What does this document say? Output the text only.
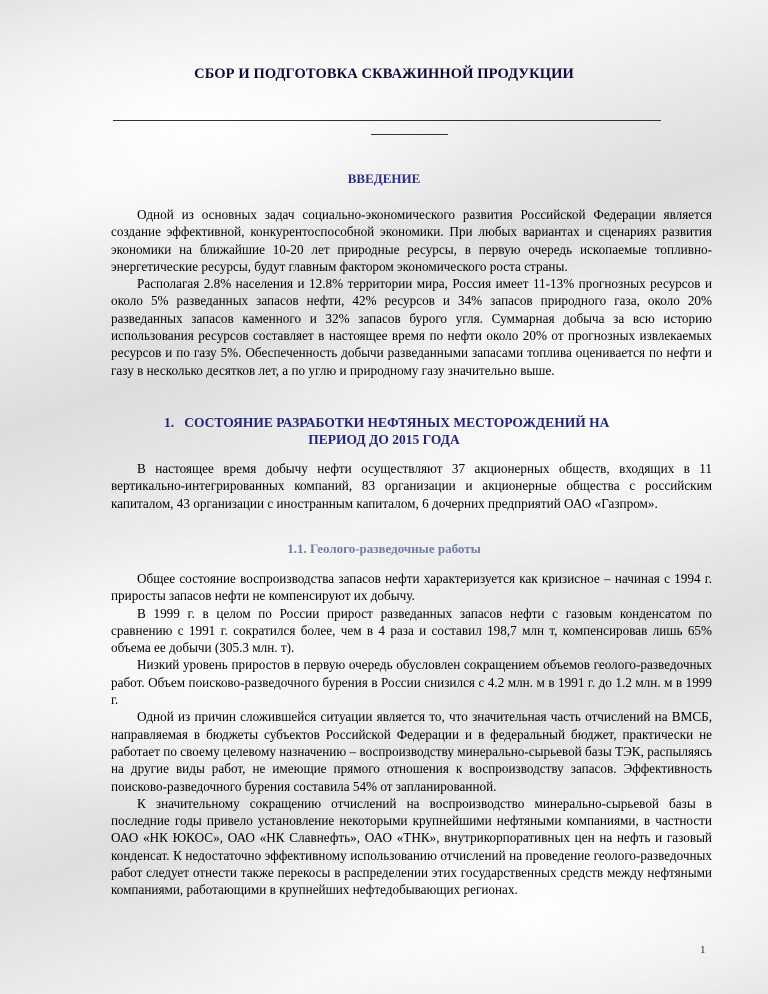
СБОР И ПОДГОТОВКА СКВАЖИННОЙ ПРОДУКЦИИ
ВВЕДЕНИЕ

Одной из основных задач социально-экономического развития Российской Федерации является создание эффективной, конкурентоспособной экономики. При любых вариантах и сценариях развития экономики на ближайшие 10-20 лет природные ресурсы, в первую очередь ископаемые топливно-энергетические ресурсы, будут главным фактором экономического роста страны.

Располагая 2.8% населения и 12.8% территории мира, Россия имеет 11-13% прогнозных ресурсов и около 5% разведанных запасов нефти, 42% ресурсов и 34% запасов природного газа, около 20% разведанных запасов каменного и 32% запасов бурого угля. Суммарная добыча за всю историю использования ресурсов составляет в настоящее время по нефти около 20% от прогнозных извлекаемых ресурсов и по газу 5%. Обеспеченность добычи разведанными запасами топлива оценивается по нефти и газу в несколько десятков лет, а по углю и природному газу значительно выше.

1. СОСТОЯНИЕ РАЗРАБОТКИ НЕФТЯНЫХ МЕСТОРОЖДЕНИЙ НА
ПЕРИОД ДО 2015 ГОДА

В настоящее время добычу нефти осуществляют 37 акционерных обществ, входящих в 11 вертикально-интегрированных компаний, 83 организации и акционерные общества с российским капиталом, 43 организации с иностранным капиталом, 6 дочерних предприятий ОАО «Газпром».

1.1. Геолого-разведочные работы

Общее состояние воспроизводства запасов нефти характеризуется как кризисное – начиная с 1994 г. приросты запасов нефти не компенсируют их добычу.

В 1999 г. в целом по России прирост разведанных запасов нефти с газовым конденсатом по сравнению с 1991 г. сократился более, чем в 4 раза и составил 198,7 млн т, компенсировав лишь 65% объема ее добычи (305.3 млн. т).

Низкий уровень приростов в первую очередь обусловлен сокращением объемов геолого-разведочных работ. Объем поисково-разведочного бурения в России снизился с 4.2 млн. м в 1991 г. до 1.2 млн. м в 1999 г.

Одной из причин сложившейся ситуации является то, что значительная часть отчислений на ВМСБ, направляемая в бюджеты субъектов Российской Федерации и в федеральный бюджет, практически не работает по своему целевому назначению – воспроизводству минерально-сырьевой базы ТЭК, распыляясь на другие виды работ, не имеющие прямого отношения к воспроизводству запасов. Эффективность поисково-разведочного бурения составила 54% от запланированной.

К значительному сокращению отчислений на воспроизводство минерально-сырьевой базы в последние годы привело установление некоторыми крупнейшими нефтяными компаниями, в частности ОАО «НК ЮКОС», ОАО «НК Славнефть», ОАО «ТНК», внутрикорпоративных цен на нефть и газовый конденсат. К недостаточно эффективному использованию отчислений на проведение геолого-разведочных работ следует отнести также перекосы в распределении этих государственных средств между нефтяными компаниями, работающими в крупнейших нефтедобывающих регионах.

1
